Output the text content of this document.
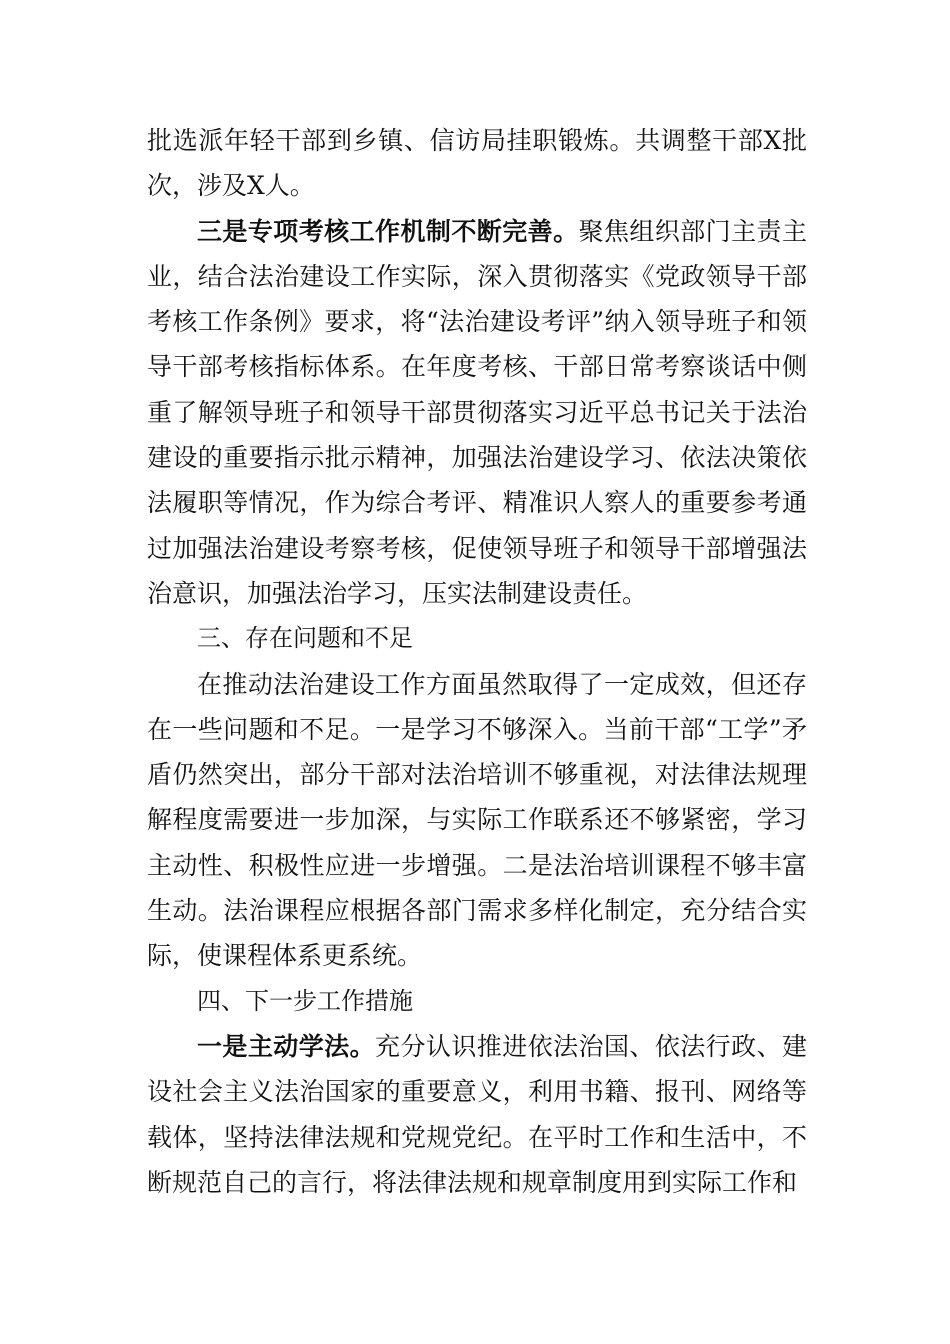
批选派年轻干部到乡镇、信访局挂职锻炼。共调整干部X批次，涉及X人。

三是专项考核工作机制不断完善。聚焦组织部门主责主业，结合法治建设工作实际，深入贯彻落实《党政领导干部考核工作条例》要求，将“法治建设考评”纳入领导班子和领导干部考核指标体系。在年度考核、干部日常考察谈话中侧重了解领导班子和领导干部贯彻落实习近平总书记关于法治建设的重要指示批示精神，加强法治建设学习、依法决策依法履职等情况，作为综合考评、精准识人察人的重要参考通过加强法治建设考察考核，促使领导班子和领导干部增强法治意识，加强法治学习，压实法制建设责任。

三、存在问题和不足

在推动法治建设工作方面虽然取得了一定成效，但还存在一些问题和不足。一是学习不够深入。当前干部“工学”矛盾仍然突出，部分干部对法治培训不够重视，对法律法规理解程度需要进一步加深，与实际工作联系还不够紧密，学习主动性、积极性应进一步增强。二是法治培训课程不够丰富生动。法治课程应根据各部门需求多样化制定，充分结合实际，使课程体系更系统。

四、下一步工作措施

一是主动学法。充分认识推进依法治国、依法行政、建设社会主义法治国家的重要意义，利用书籍、报刊、网络等载体，坚持法律法规和党规党纪。在平时工作和生活中，不断规范自己的言行，将法律法规和规章制度用到实际工作和
